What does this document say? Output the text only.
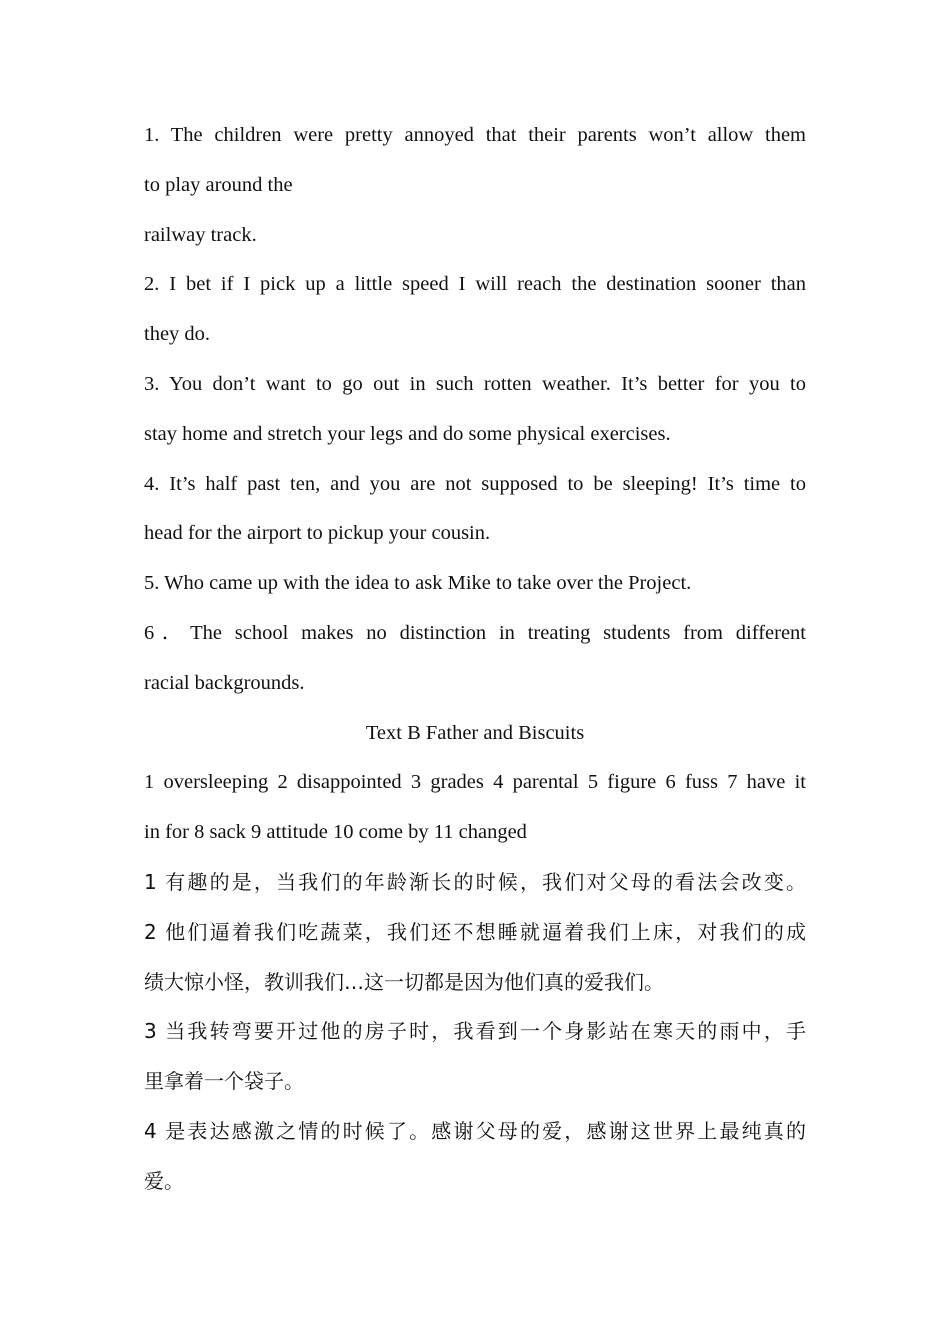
1. The children were pretty annoyed that their parents won’t allow them
to play around the
railway track.
2. I bet if I pick up a little speed I will reach the destination sooner than
they do.
3. You don’t want to go out in such rotten weather. It’s better for you to
stay home and stretch your legs and do some physical exercises.
4. It’s half past ten, and you are not supposed to be sleeping! It’s time to
head for the airport to pickup your cousin.
5. Who came up with the idea to ask Mike to take over the Project.
6．The school makes no distinction in treating students from different
racial backgrounds.
Text B Father and Biscuits
1 oversleeping 2 disappointed 3 grades 4 parental 5 figure 6 fuss 7 have it
in for 8 sack 9 attitude 10 come by 11 changed
1 有趣的是，当我们的年龄渐长的时候，我们对父母的看法会改变。
2 他们逼着我们吃蔬菜，我们还不想睡就逼着我们上床，对我们的成
绩大惊小怪，教训我们…这一切都是因为他们真的爱我们。
3 当我转弯要开过他的房子时，我看到一个身影站在寒天的雨中，手
里拿着一个袋子。
4 是表达感激之情的时候了。感谢父母的爱，感谢这世界上最纯真的
爱。
